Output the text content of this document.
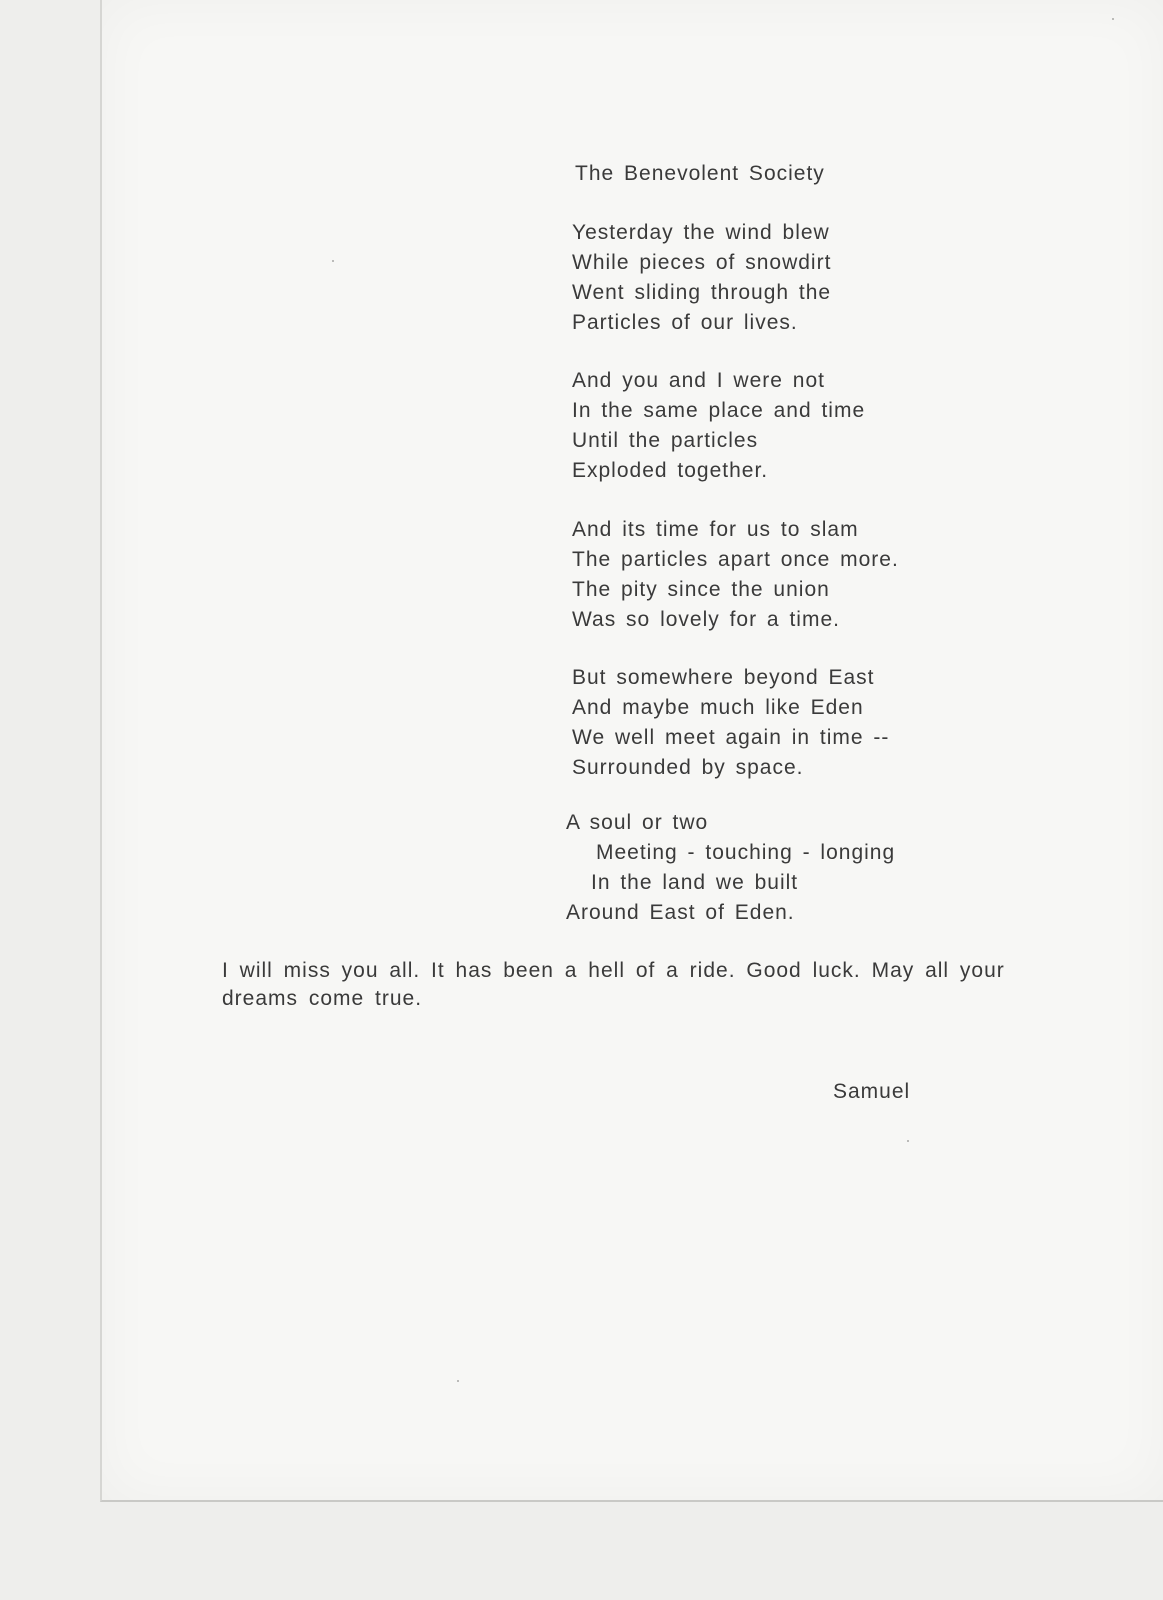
The Benevolent Society
Yesterday the wind blew
While pieces of snowdirt
Went sliding through the
Particles of our lives.
And you and I were not
In the same place and time
Until the particles
Exploded together.
And its time for us to slam
The particles apart once more.
The pity since the union
Was so lovely for a time.
But somewhere beyond East
And maybe much like Eden
We well meet again in time --
Surrounded by space.
A soul or two
Meeting - touching - longing
In the land we built
Around East of Eden.

I will miss you all. It has been a hell of a ride. Good luck. May all your dreams come true.

Samuel
